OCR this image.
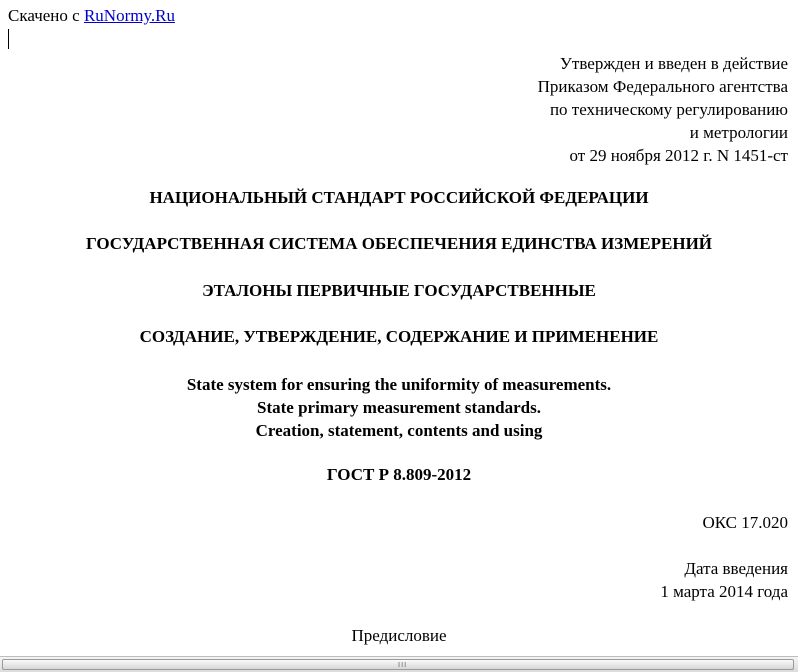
Скачено с RuNormy.Ru
Утвержден и введен в действие
Приказом Федерального агентства
по техническому регулированию
и метрологии
от 29 ноября 2012 г. N 1451-ст
НАЦИОНАЛЬНЫЙ СТАНДАРТ РОССИЙСКОЙ ФЕДЕРАЦИИ
ГОСУДАРСТВЕННАЯ СИСТЕМА ОБЕСПЕЧЕНИЯ ЕДИНСТВА ИЗМЕРЕНИЙ
ЭТАЛОНЫ ПЕРВИЧНЫЕ ГОСУДАРСТВЕННЫЕ
СОЗДАНИЕ, УТВЕРЖДЕНИЕ, СОДЕРЖАНИЕ И ПРИМЕНЕНИЕ
State system for ensuring the uniformity of measurements.
State primary measurement standards.
Creation, statement, contents and using
ГОСТ Р 8.809-2012
ОКС 17.020
Дата введения
1 марта 2014 года
Предисловие
III
